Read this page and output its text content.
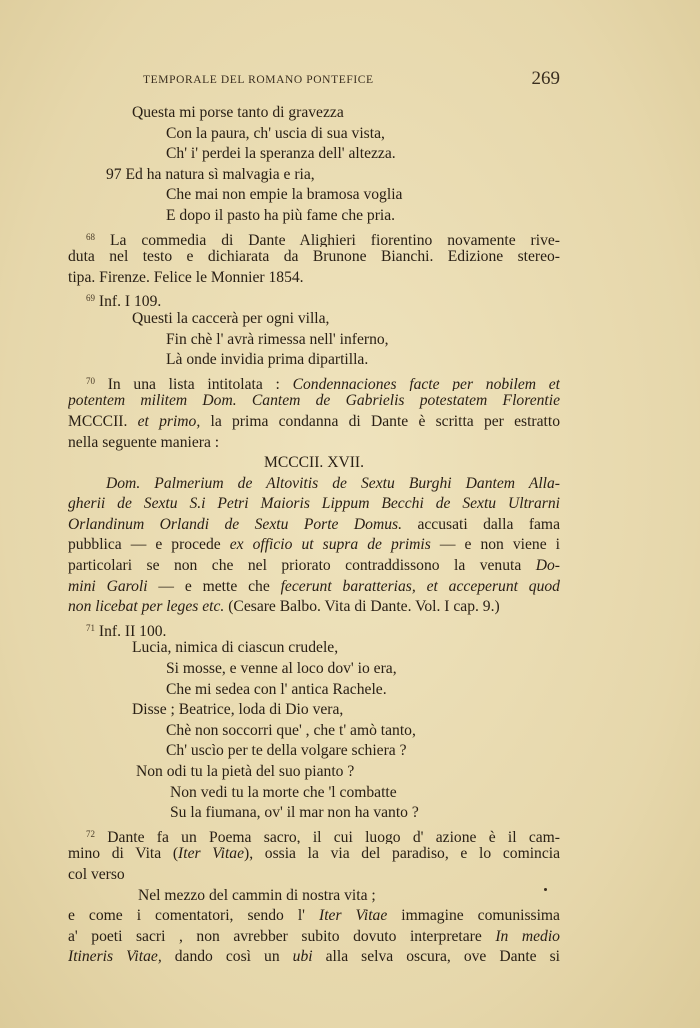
TEMPORALE DEL ROMANO PONTEFICE	269
Questa mi porse tanto di gravezza
Con la paura, ch' uscia di sua vista,
Ch' i' perdei la speranza dell' altezza.
97 Ed ha natura sì malvagia e ria,
Che mai non empie la bramosa voglia
E dopo il pasto ha più fame che pria.
$^{68}$ La commedia di Dante Alighieri fiorentino novamente rive-
duta nel testo e dichiarata da Brunone Bianchi. Edizione stereo-
tipa. Firenze. Felice le Monnier 1854.
$^{69}$ Inf. I 109.
Questi la caccerà per ogni villa,
Fin chè l' avrà rimessa nell' inferno,
Là onde invidia prima dipartilla.
$^{70}$ In una lista intitolata : Condennaciones facte per nobilem et
potentem militem Dom. Cantem de Gabrielis potestatem Florentie
MCCCII. et primo, la prima condanna di Dante è scritta per estratto
nella seguente maniera :
MCCCII. XVII.
Dom. Palmerium de Altovitis de Sextu Burghi Dantem Alla-
gherii de Sextu S.i Petri Maioris Lippum Becchi de Sextu Ultrarni
Orlandinum Orlandi de Sextu Porte Domus. accusati dalla fama
pubblica — e procede ex officio ut supra de primis — e non viene i
particolari se non che nel priorato contraddissono la venuta Do-
mini Garoli — e mette che fecerunt baratterias, et acceperunt quod
non licebat per leges etc. (Cesare Balbo. Vita di Dante. Vol. I cap. 9.)
$^{71}$ Inf. II 100.
Lucia, nimica di ciascun crudele,
Si mosse, e venne al loco dov' io era,
Che mi sedea con l' antica Rachele.
Disse ; Beatrice, loda di Dio vera,
Chè non soccorri que' , che t' amò tanto,
Ch' uscìo per te della volgare schiera ?
Non odi tu la pietà del suo pianto ?
Non vedi tu la morte che 'l combatte
Su la fiumana, ov' il mar non ha vanto ?
$^{72}$ Dante fa un Poema sacro, il cui luogo d' azione è il cam-
mino di Vita (Iter Vitae), ossia la via del paradiso, e lo comincia
col verso
Nel mezzo del cammin di nostra vita ;
e come i comentatori, sendo l' Iter Vitae immagine comunissima
a' poeti sacri , non avrebber subito dovuto interpretare In medio
Itineris Vitae, dando così un ubi alla selva oscura, ove Dante si
